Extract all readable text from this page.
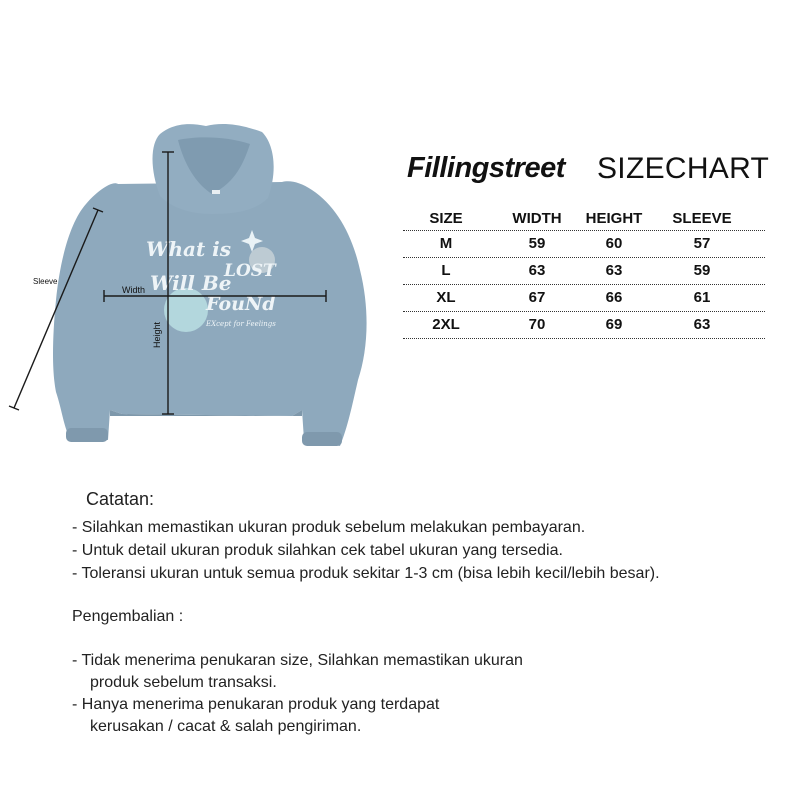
What is
LOST
Will Be
FouNd
EXcept for Feelings
Sleeve
Width
Height
Fillingstreet SIZECHART
SIZE	WIDTH	HEIGHT	SLEEVE
M	59	60	57
L	63	63	59
XL	67	66	61
2XL	70	69	63
Catatan:
- Silahkan memastikan ukuran produk sebelum melakukan pembayaran.
- Untuk detail ukuran produk silahkan cek tabel ukuran yang tersedia.
- Toleransi ukuran untuk semua produk sekitar 1-3 cm (bisa lebih kecil/lebih besar).
Pengembalian :
- Tidak menerima penukaran size, Silahkan memastikan ukuran
produk sebelum transaksi.
- Hanya menerima penukaran produk yang terdapat
kerusakan / cacat & salah pengiriman.
